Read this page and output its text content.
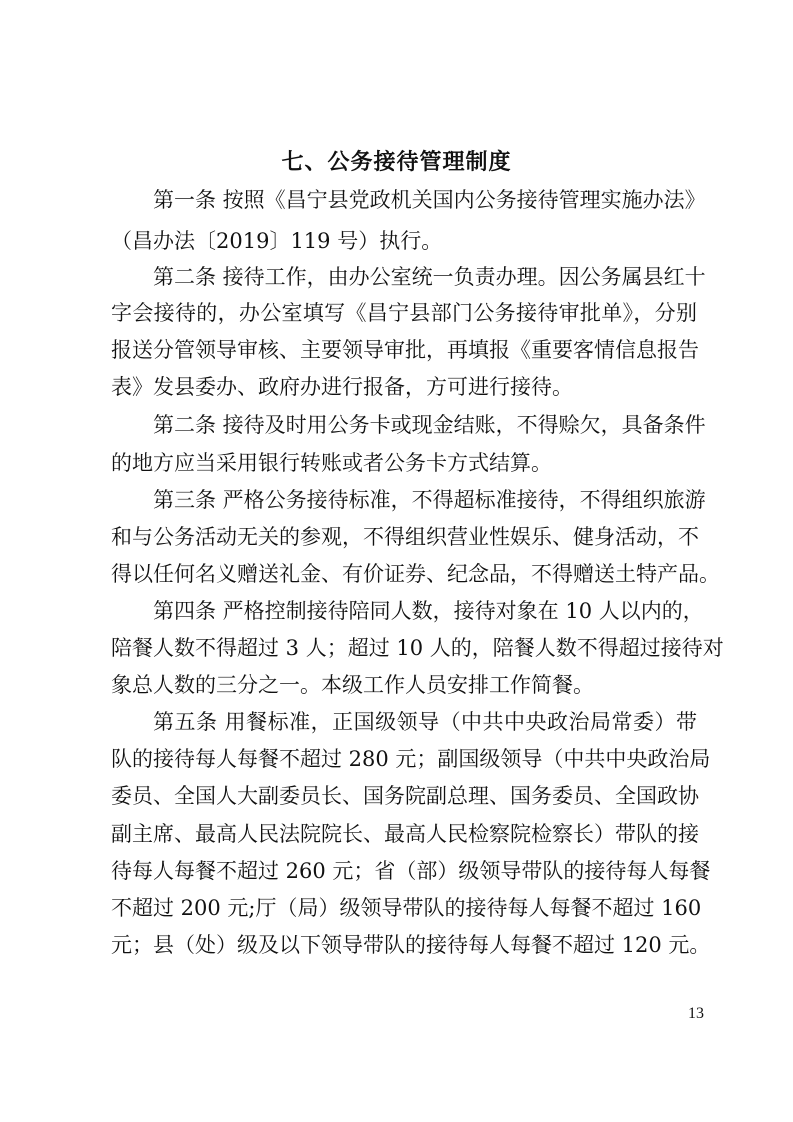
七、公务接待管理制度
第一条 按照《昌宁县党政机关国内公务接待管理实施办法》
（昌办法〔2019〕119 号）执行。
第二条 接待工作，由办公室统一负责办理。因公务属县红十
字会接待的，办公室填写《昌宁县部门公务接待审批单》，分别
报送分管领导审核、主要领导审批，再填报《重要客情信息报告
表》发县委办、政府办进行报备，方可进行接待。
第二条 接待及时用公务卡或现金结账，不得赊欠，具备条件
的地方应当采用银行转账或者公务卡方式结算。
第三条 严格公务接待标准，不得超标准接待，不得组织旅游
和与公务活动无关的参观，不得组织营业性娱乐、健身活动，不
得以任何名义赠送礼金、有价证券、纪念品，不得赠送土特产品。
第四条 严格控制接待陪同人数，接待对象在 10 人以内的，
陪餐人数不得超过 3 人；超过 10 人的，陪餐人数不得超过接待对
象总人数的三分之一。本级工作人员安排工作简餐。
第五条 用餐标准，正国级领导（中共中央政治局常委）带
队的接待每人每餐不超过 280 元；副国级领导（中共中央政治局
委员、全国人大副委员长、国务院副总理、国务委员、全国政协
副主席、最高人民法院院长、最高人民检察院检察长）带队的接
待每人每餐不超过 260 元；省（部）级领导带队的接待每人每餐
不超过 200 元;厅（局）级领导带队的接待每人每餐不超过 160
元；县（处）级及以下领导带队的接待每人每餐不超过 120 元。
13
